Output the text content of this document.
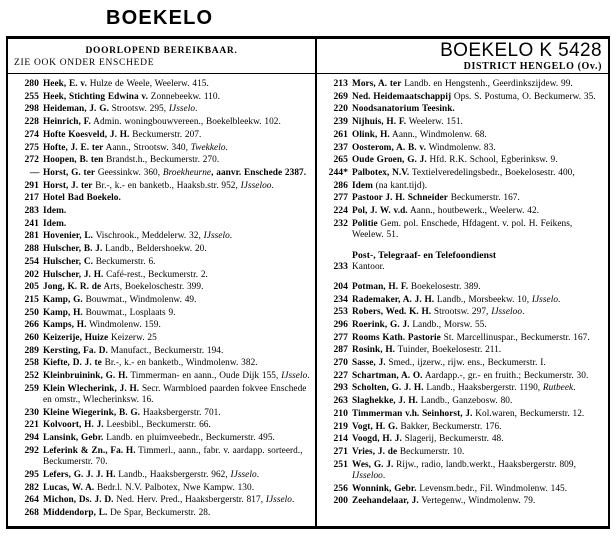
BOEKELO
DOORLOPEND BEREIKBAAR.
ZIE OOK ONDER ENSCHEDE
BOEKELO K 5428
DISTRICT HENGELO (Ov.)
280 Heek, E. v. Hulze de Weele, Weelerw. 415.
255 Heek, Stichting Edwina v. Zonnebeekw. 110.
298 Heideman, J. G. Strootsw. 295, IJsselo.
228 Heinrich, F. Admin. woningbouwvereen., Boekelbleekw. 102.
274 Hofte Koesveld, J. H. Beckumerstr. 207.
275 Hofte, J. E. ter Aann., Strootsw. 340, Twekkelo.
272 Hoopen, B. ten Brandst.h., Beckumerstr. 270.
— Horst, G. ter Geessinkw. 360, Broekheurne, aanvr. Enschede 2387.
291 Horst, J. ter Br.-, k.- en banketb., Haaksb.str. 952, IJsseloo.
217 Hotel Bad Boekelo.
283 Idem.
241 Idem.
281 Hovenier, L. Vischrook., Meddelerw. 32, IJsselo.
288 Hulscher, B. J. Landb., Beldershoekw. 20.
254 Hulscher, C. Beckumerstr. 6.
202 Hulscher, J. H. Café-rest., Beckumerstr. 2.
205 Jong, K. R. de Arts, Boekeloschestr. 399.
215 Kamp, G. Bouwmat., Windmolenw. 49.
250 Kamp, H. Bouwmat., Losplaats 9.
266 Kamps, H. Windmolenw. 159.
260 Keizerije, Huize Keizerw. 25
289 Kersting, Fa. D. Manufact., Beckumerstr. 194.
258 Kiefte, D. J. te Br.-, k.- en banketb., Windmolenw. 382.
252 Kleinbruinink, G. H. Timmerman- en aann., Oude Dijk 155, IJsselo.
259 Klein Wlecherink, J. H. Secr. Warmbloed paarden fokvee Enschede en omstr., Wlecherinksw. 16.
230 Kleine Wiegerink, B. G. Haaksbergerstr. 701.
221 Kolvoort, H. J. Leesbibl., Beckumerstr. 66.
294 Lansink, Gebr. Landb. en pluimveebedr., Beckumerstr. 495.
292 Leferink & Zn., Fa. H. Timmerl., aann., fabr. v. aardapp. sorteerd., Beckumerstr. 70.
295 Lefers, G. J. J. H. Landb., Haaksbergerstr. 962, IJsselo.
282 Lucas, W. A. Bedr.l. N.V. Palbotex, Nwe Kampw. 130.
264 Michon, Ds. J. D. Ned. Herv. Pred., Haaksbergerstr. 817, IJsselo.
268 Middendorp, L. De Spar, Beckumerstr. 28.
213 Mors, A. ter Landb. en Hengstenh., Geerdinkszijdew. 99.
269 Ned. Heidemaatschappij Ops. S. Postuma, O. Beckumerw. 35.
220 Noodsanatorium Teesink.
239 Nijhuis, H. F. Weelerw. 151.
261 Olink, H. Aann., Windmolenw. 68.
237 Oosterom, A. B. v. Windmolenw. 83.
265 Oude Groen, G. J. Hfd. R.K. School, Egberinksw. 9.
244* Palbotex, N.V. Textielveredelingsbedr., Boekelosestr. 400,
286 Idem (na kant.tijd).
277 Pastoor J. H. Schneider Beckumerstr. 167.
224 Pol, J. W. v.d. Aann., houtbewerk., Weelerw. 42.
232 Politie Gem. pol. Enschede, Hfdagent. v. pol. H. Feikens, Weelew. 51.
Post-, Telegraaf- en Telefoondienst
233 Kantoor.
204 Potman, H. F. Boekelosestr. 389.
234 Rademaker, A. J. H. Landb., Morsbeekw. 10, IJsselo.
253 Robers, Wed. K. H. Strootsw. 297, IJsseloo.
296 Roerink, G. J. Landb., Morsw. 55.
277 Rooms Kath. Pastorie St. Marcellinuspar., Beckumerstr. 167.
287 Rosink, H. Tuinder, Boekelosestr. 211.
270 Sasse, J. Smed., ijzerw., rijw. ens., Beckumerstr. I.
227 Schartman, A. O. Aardapp.-, gr.- en fruith.; Beckumerstr. 30.
293 Scholten, G. J. H. Landb., Haaksbergerstr. 1190, Rutbeek.
263 Slaghekke, J. H. Landb., Ganzebosw. 80.
210 Timmerman v.h. Seinhorst, J. Kol.waren, Beckumerstr. 12.
219 Vogt, H. G. Bakker, Beckumerstr. 176.
214 Voogd, H. J. Slagerij, Beckumerstr. 48.
271 Vries, J. de Beckumerstr. 10.
251 Wes, G. J. Rijw., radio, landb.werkt., Haaksbergerstr. 809, IJsseloo.
256 Wonnink, Gebr. Levensm.bedr., Fil. Windmolenw. 145.
200 Zeehandelaar, J. Vertegenw., Windmolenw. 79.
